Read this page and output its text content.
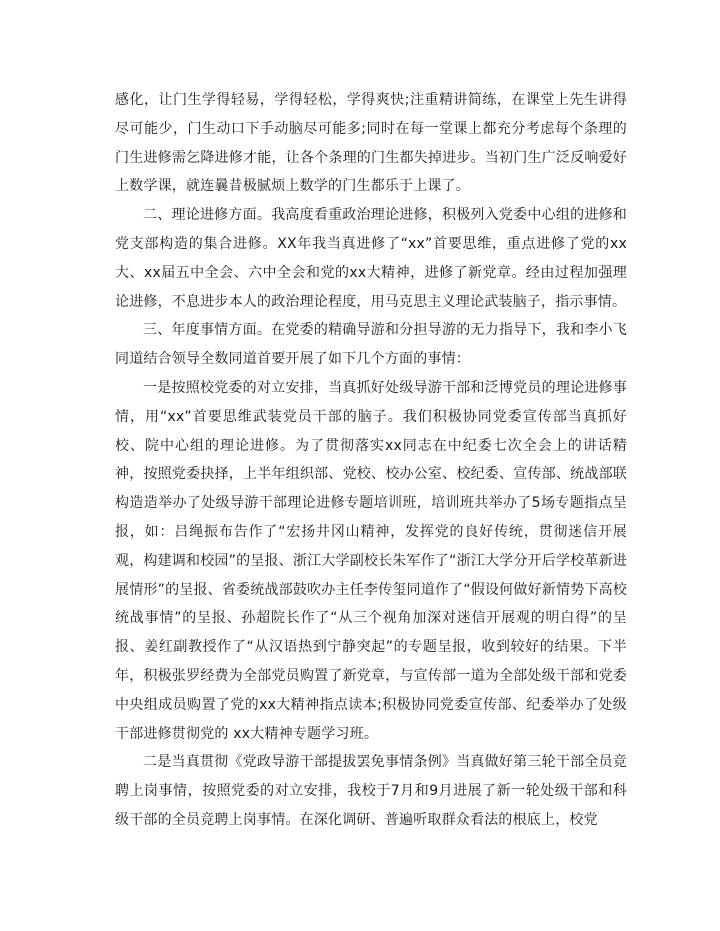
感化，让门生学得轻易，学得轻松，学得爽快;注重精讲简练，在课堂上先生讲得尽可能少，门生动口下手动脑尽可能多;同时在每一堂课上都充分考虑每个条理的门生进修需乞降进修才能，让各个条理的门生都失掉进步。当初门生广泛反响爱好上数学课，就连曩昔极腻烦上数学的门生都乐于上课了。

二、理论进修方面。我高度看重政治理论进修，积极列入党委中心组的进修和党支部构造的集合进修。XX年我当真进修了“xx”首要思维，重点进修了党的xx大、xx届五中全会、六中全会和党的xx大精神，进修了新党章。经由过程加强理论进修，不息进步本人的政治理论程度，用马克思主义理论武装脑子，指示事情。

三、年度事情方面。在党委的精确导游和分担导游的无力指导下，我和李小飞同道结合领导全数同道首要开展了如下几个方面的事情：

一是按照校党委的对立安排，当真抓好处级导游干部和泛博党员的理论进修事情，用“xx”首要思维武装党员干部的脑子。我们积极协同党委宣传部当真抓好校、院中心组的理论进修。为了贯彻落实xx同志在中纪委七次全会上的讲话精神，按照党委抉择，上半年组织部、党校、校办公室、校纪委、宣传部、统战部联构造造举办了处级导游干部理论进修专题培训班，培训班共举办了5场专题指点呈报，如：吕绳振布告作了“宏扬井冈山精神，发挥党的良好传统，贯彻迷信开展观，构建调和校园”的呈报、浙江大学副校长朱军作了“浙江大学分开后学校革新进展情形”的呈报、省委统战部鼓吹办主任李传玺同道作了“假设何做好新情势下高校统战事情”的呈报、孙超院长作了“从三个视角加深对迷信开展观的明白得”的呈报、姜红副教授作了“从汉语热到宁静突起”的专题呈报，收到较好的结果。下半年，积极张罗经费为全部党员购置了新党章，与宣传部一道为全部处级干部和党委中央组成员购置了党的xx大精神指点读本;积极协同党委宣传部、纪委举办了处级干部进修贯彻党的 xx大精神专题学习班。

二是当真贯彻《党政导游干部提拔罢免事情条例》当真做好第三轮干部全员竞聘上岗事情，按照党委的对立安排，我校于7月和9月进展了新一轮处级干部和科级干部的全员竞聘上岗事情。在深化调研、普遍听取群众看法的根底上，校党
